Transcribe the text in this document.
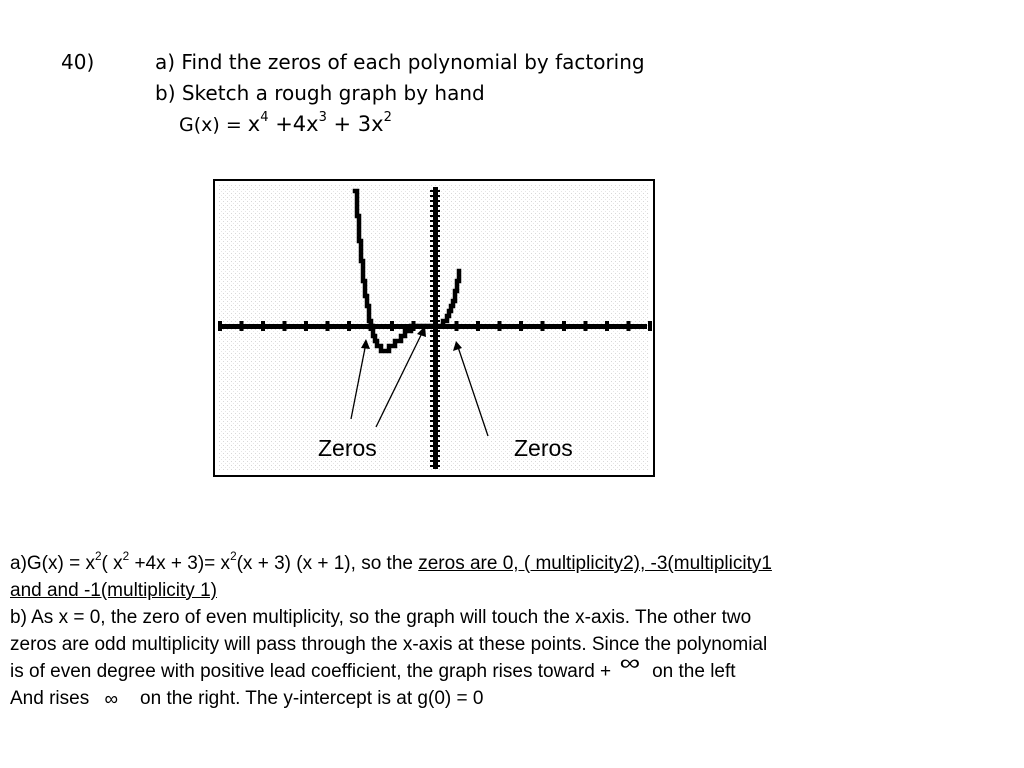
40)	a) Find the zeros of each polynomial by factoring
b) Sketch a rough graph by hand
$G(x) = x^4 +4x^3 + 3x^2$
Zeros	Zeros

$a)G(x) = x^2$( $x^2 +4x + 3)= x^2(x + 3)$ (x + 1), so the zeros are 0, ( multiplicity2), -3(multiplicity1

and and -1(multiplicity 1)

b) As x = 0, the zero of even multiplicity, so the graph will touch the x-axis. The other two

zeros are odd multiplicity will pass through the x-axis at these points. Since the polynomial

is of even degree with positive lead coefficient, the graph rises toward + ∞ on the left

And rises ∞ on the right. The y-intercept is at g(0) = 0
